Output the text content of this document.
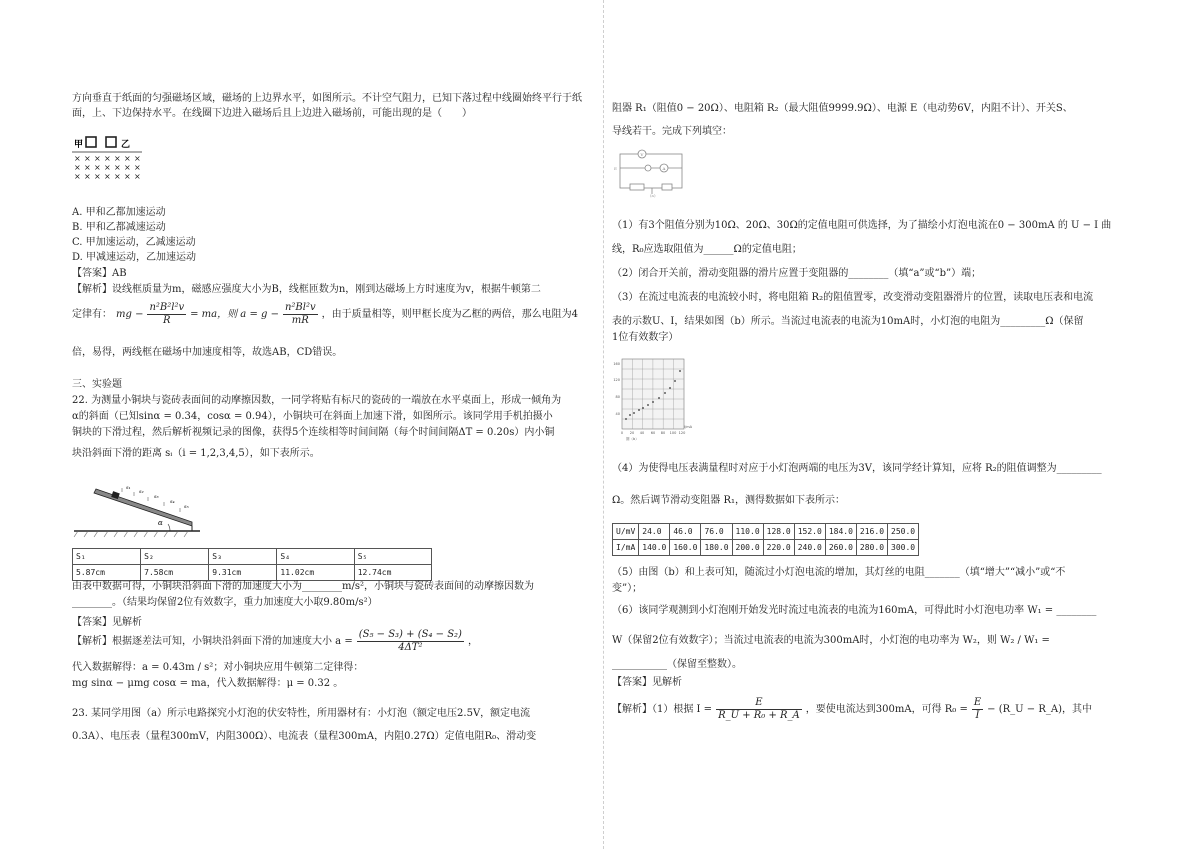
方向垂直于纸面的匀强磁场区域，磁场的上边界水平，如图所示。不计空气阻力，已知下落过程中线圈始终平行于纸面，上、下边保持水平。在线圈下边进入磁场后且上边进入磁场前，可能出现的是（　　）

甲	乙
× × × × × × ×
× × × × × × ×
× × × × × × ×

A. 甲和乙都加速运动

B. 甲和乙都减速运动

C. 甲加速运动，乙减速运动

D. 甲减速运动，乙加速运动

【答案】AB

【解析】设线框质量为m，磁感应强度大小为B，线框匝数为n，刚到达磁场上方时速度为v，根据牛顿第二

定律有： mg − $\frac{\text{n²B²l²v}}{R}$ = ma，则 $a = g - \frac{\text{n²Bl²v}}{mR}$ ，由于质量相等，则甲框长度为乙框的两倍，那么电阻为4

倍，易得，两线框在磁场中加速度相等，故选AB，CD错误。

三、实验题

22. 为测量小铜块与瓷砖表面间的动摩擦因数，一同学将贴有标尺的瓷砖的一端放在水平桌面上，形成一倾角为

α的斜面（已知sinα = 0.34，cosα = 0.94），小铜块可在斜面上加速下滑，如图所示。该同学用手机拍摄小

铜块的下滑过程，然后解析视频记录的图像，获得5个连续相等时间间隔（每个时间间隔ΔT = 0.20s）内小铜

块沿斜面下滑的距离 sᵢ（i = 1,2,3,4,5），如下表所示。

s₁
s₂
s₃
s₄
s₅
α
S₁	S₂	S₃	S₄	S₅
5.87cm	7.58cm	9.31cm	11.02cm	12.74cm

由表中数据可得，小铜块沿斜面下滑的加速度大小为________m/s²，小铜块与瓷砖表面间的动摩擦因数为

________。（结果均保留2位有效数字，重力加速度大小取9.80m/s²）

【答案】见解析

【解析】根据逐差法可知，小铜块沿斜面下滑的加速度大小 $a = \frac{\text{(S₅ − S₃) + (S₄ − S₂)}}{\text{4ΔT²}}$ ，

代入数据解得：a = 0.43m / s²；对小铜块应用牛顿第二定律得：

mg sinα − μmg cosα = ma，代入数据解得：μ = 0.32 。

23. 某同学用图（a）所示电路探究小灯泡的伏安特性，所用器材有：小灯泡（额定电压2.5V，额定电流

0.3A）、电压表（量程300mV，内阻300Ω）、电流表（量程300mA，内阻0.27Ω）定值电阻R₀、滑动变

阻器 R₁（阻值0 − 20Ω）、电阻箱 R₂（最大阻值9999.9Ω）、电源 E（电动势6V，内阻不计）、开关S、

导线若干。完成下列填空：

V
A
E
(a)

（1）有3个阻值分别为10Ω、20Ω、30Ω的定值电阻可供选择，为了描绘小灯泡电流在0 − 300mA 的 U − I 曲

线，R₀应选取阻值为______Ω的定值电阻；

（2）闭合开关前，滑动变阻器的滑片应置于变阻器的________（填“a”或“b”）端；

（3）在流过电流表的电流较小时，将电阻箱 R₂的阻值置零，改变滑动变阻器滑片的位置，读取电压表和电流

表的示数U、I，结果如图（b）所示。当流过电流表的电流为10mA时，小灯泡的电阻为_________Ω（保留

1位有效数字）

160
120
80
40
0 20 40 60 80 100 120
I/mA
图（b）

（4）为使得电压表满量程时对应于小灯泡两端的电压为3V，该同学经计算知，应将 R₂的阻值调整为_________

Ω。然后调节滑动变阻器 R₁，测得数据如下表所示：

U/mV	24.0	46.0	76.0	110.0	128.0	152.0	184.0	216.0	250.0
I/mA	140.0	160.0	180.0	200.0	220.0	240.0	260.0	280.0	300.0

（5）由图（b）和上表可知，随流过小灯泡电流的增加，其灯丝的电阻_______（填“增大”“减小”或“不

变”）；

（6）该同学观测到小灯泡刚开始发光时流过电流表的电流为160mA，可得此时小灯泡电功率 W₁ = ________

W（保留2位有效数字）；当流过电流表的电流为300mA时，小灯泡的电功率为 W₂，则 W₂ / W₁ =

___________（保留至整数）。

【答案】见解析

【解析】（1）根据 $I = \frac{E}{\text{R\_U + R₀ + R\_A}}$ ，要使电流达到300mA，可得 $R_0 = \frac{E}{I}$ − (R_U − R_A)，其中
